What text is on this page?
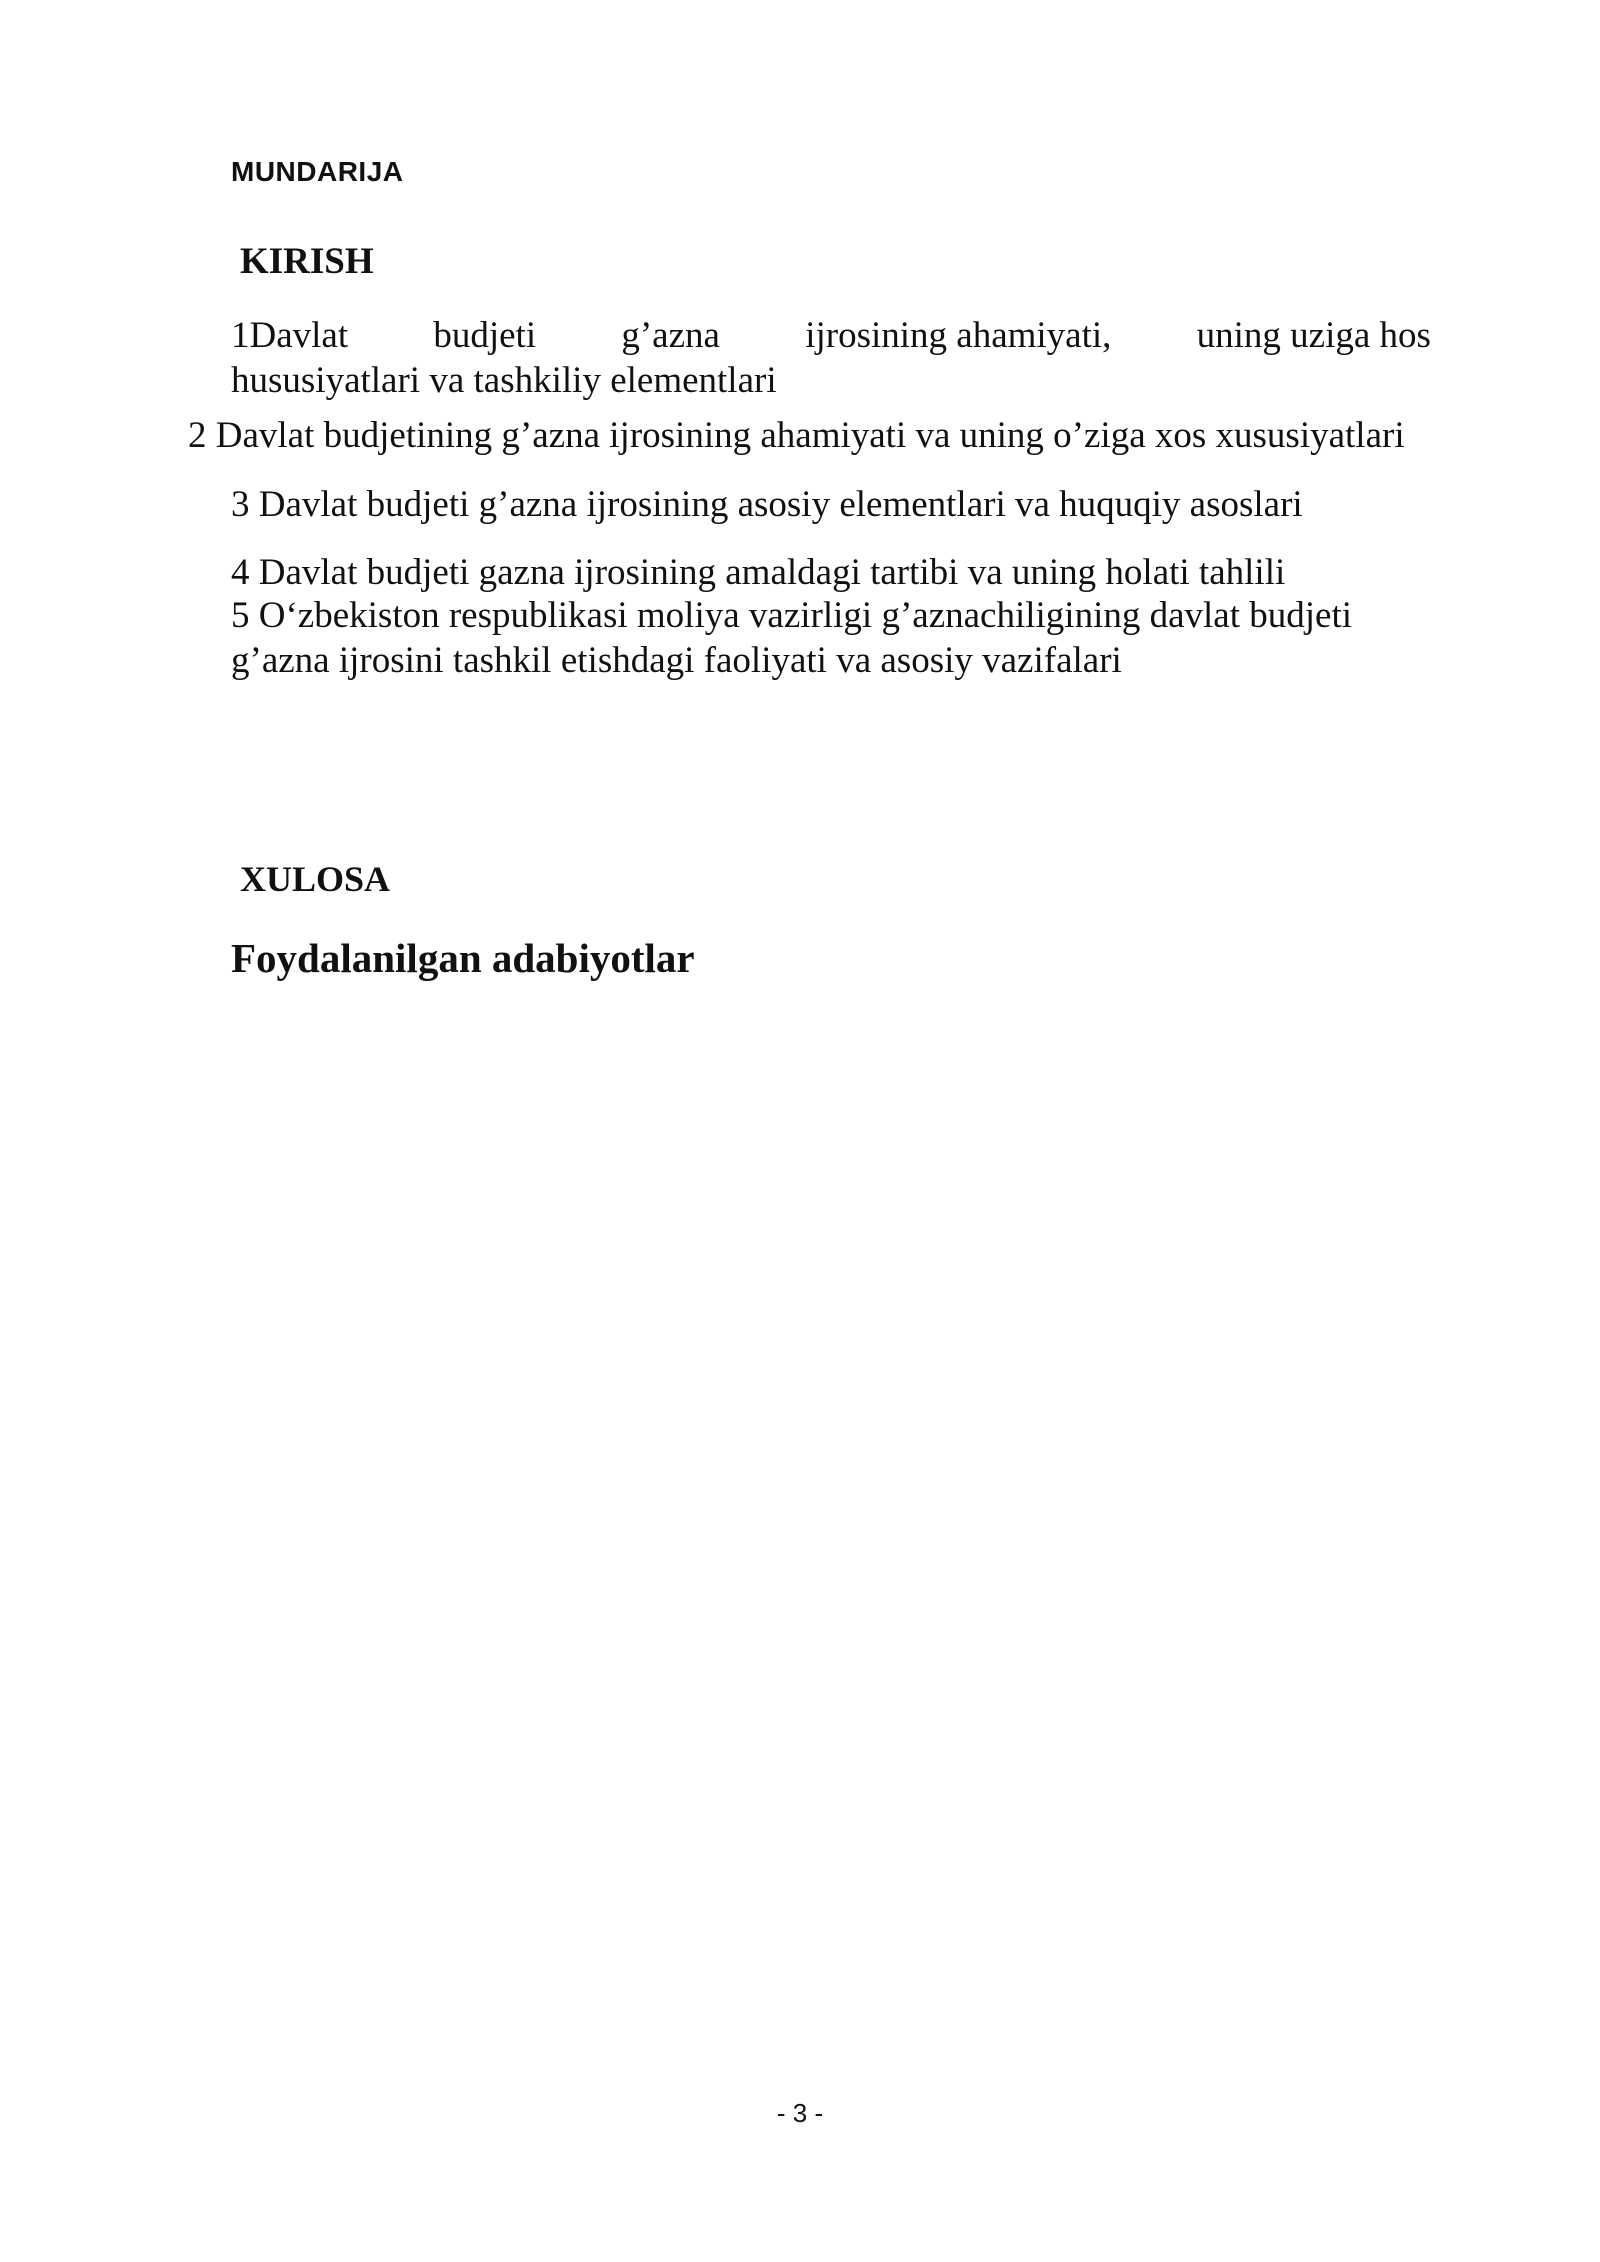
MUNDARIJA
KIRISH
1Davlat budjeti g’azna ijrosining ahamiyati, uning uziga hos
hususiyatlari va tashkiliy elementlari
2 Davlat budjetining g’azna ijrosining ahamiyati va uning o’ziga xos xususiyatlari
3 Davlat budjeti g’azna ijrosining asosiy elementlari va huquqiy asoslari
4 Davlat budjeti gazna ijrosining amaldagi tartibi va uning holati tahlili
5 O‘zbekiston respublikasi moliya vazirligi g’aznachiligining davlat budjeti
g’azna ijrosini tashkil etishdagi faoliyati va asosiy vazifalari
XULOSA
Foydalanilgan adabiyotlar
- 3 -
